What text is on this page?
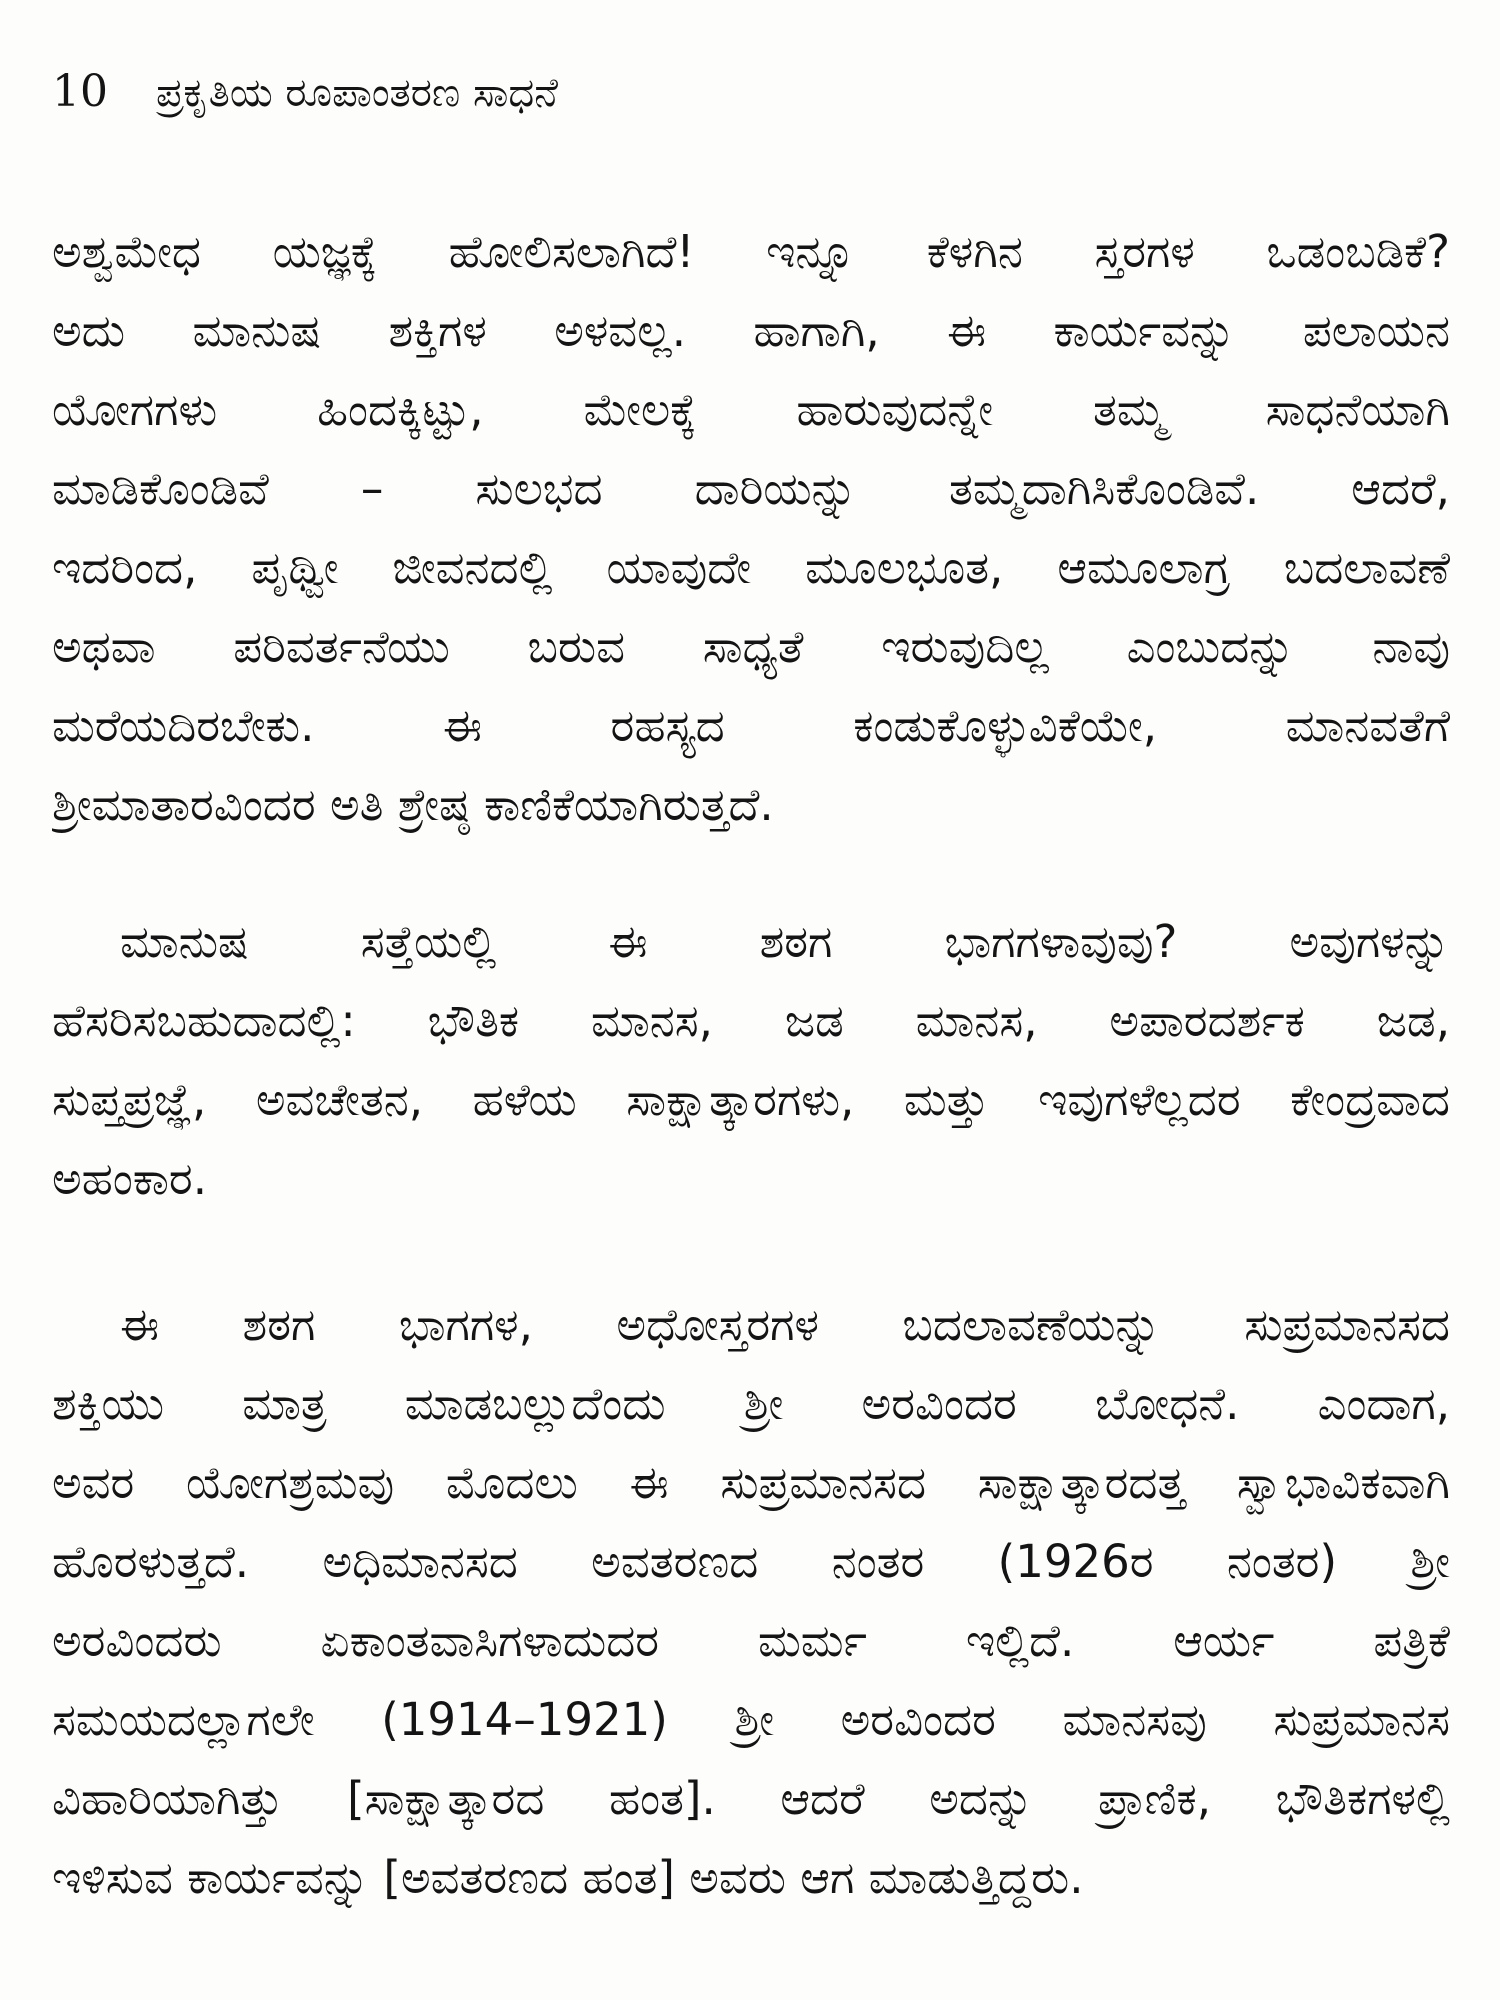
10 ಪ್ರಕೃತಿಯ ರೂಪಾಂತರಣ ಸಾಧನೆ
ಅಶ್ವಮೇಧ ಯಜ್ಞಕ್ಕೆ ಹೋಲಿಸಲಾಗಿದೆ! ಇನ್ನೂ ಕೆಳಗಿನ ಸ್ತರಗಳ ಒಡಂಬಡಿಕೆ?
ಅದು ಮಾನುಷ ಶಕ್ತಿಗಳ ಅಳವಲ್ಲ. ಹಾಗಾಗಿ, ಈ ಕಾರ್ಯವನ್ನು ಪಲಾಯನ
ಯೋಗಗಳು ಹಿಂದಕ್ಕಿಟ್ಟು, ಮೇಲಕ್ಕೆ ಹಾರುವುದನ್ನೇ ತಮ್ಮ ಸಾಧನೆಯಾಗಿ
ಮಾಡಿಕೊಂಡಿವೆ – ಸುಲಭದ ದಾರಿಯನ್ನು ತಮ್ಮದಾಗಿಸಿಕೊಂಡಿವೆ. ಆದರೆ,
ಇದರಿಂದ, ಪೃಥ್ವೀ ಜೀವನದಲ್ಲಿ ಯಾವುದೇ ಮೂಲಭೂತ, ಆಮೂಲಾಗ್ರ ಬದಲಾವಣೆ
ಅಥವಾ ಪರಿವರ್ತನೆಯು ಬರುವ ಸಾಧ್ಯತೆ ಇರುವುದಿಲ್ಲ ಎಂಬುದನ್ನು ನಾವು
ಮರೆಯದಿರಬೇಕು. ಈ ರಹಸ್ಯದ ಕಂಡುಕೊಳ್ಳುವಿಕೆಯೇ, ಮಾನವತೆಗೆ
ಶ್ರೀಮಾತಾರವಿಂದರ ಅತಿ ಶ್ರೇಷ್ಠ ಕಾಣಿಕೆಯಾಗಿರುತ್ತದೆ.
ಮಾನುಷ ಸತ್ತೆಯಲ್ಲಿ ಈ ಶಠಗ ಭಾಗಗಳಾವುವು? ಅವುಗಳನ್ನು
ಹೆಸರಿಸಬಹುದಾದಲ್ಲಿ: ಭೌತಿಕ ಮಾನಸ, ಜಡ ಮಾನಸ, ಅಪಾರದರ್ಶಕ ಜಡ,
ಸುಪ್ತಪ್ರಜ್ಞೆ, ಅವಚೇತನ, ಹಳೆಯ ಸಾಕ್ಷಾತ್ಕಾರಗಳು, ಮತ್ತು ಇವುಗಳೆಲ್ಲದರ ಕೇಂದ್ರವಾದ
ಅಹಂಕಾರ.
ಈ ಶಠಗ ಭಾಗಗಳ, ಅಧೋಸ್ತರಗಳ ಬದಲಾವಣೆಯನ್ನು ಸುಪ್ರಮಾನಸದ
ಶಕ್ತಿಯು ಮಾತ್ರ ಮಾಡಬಲ್ಲುದೆಂದು ಶ್ರೀ ಅರವಿಂದರ ಬೋಧನೆ. ಎಂದಾಗ,
ಅವರ ಯೋಗಶ್ರಮವು ಮೊದಲು ಈ ಸುಪ್ರಮಾನಸದ ಸಾಕ್ಷಾತ್ಕಾರದತ್ತ ಸ್ವಾಭಾವಿಕವಾಗಿ
ಹೊರಳುತ್ತದೆ. ಅಧಿಮಾನಸದ ಅವತರಣದ ನಂತರ (1926ರ ನಂತರ) ಶ್ರೀ
ಅರವಿಂದರು ಏಕಾಂತವಾಸಿಗಳಾದುದರ ಮರ್ಮ ಇಲ್ಲಿದೆ. ಆರ್ಯ ಪತ್ರಿಕೆ
ಸಮಯದಲ್ಲಾಗಲೇ (1914–1921) ಶ್ರೀ ಅರವಿಂದರ ಮಾನಸವು ಸುಪ್ರಮಾನಸ
ವಿಹಾರಿಯಾಗಿತ್ತು [ಸಾಕ್ಷಾತ್ಕಾರದ ಹಂತ]. ಆದರೆ ಅದನ್ನು ಪ್ರಾಣಿಕ, ಭೌತಿಕಗಳಲ್ಲಿ
ಇಳಿಸುವ ಕಾರ್ಯವನ್ನು [ಅವತರಣದ ಹಂತ] ಅವರು ಆಗ ಮಾಡುತ್ತಿದ್ದರು.
